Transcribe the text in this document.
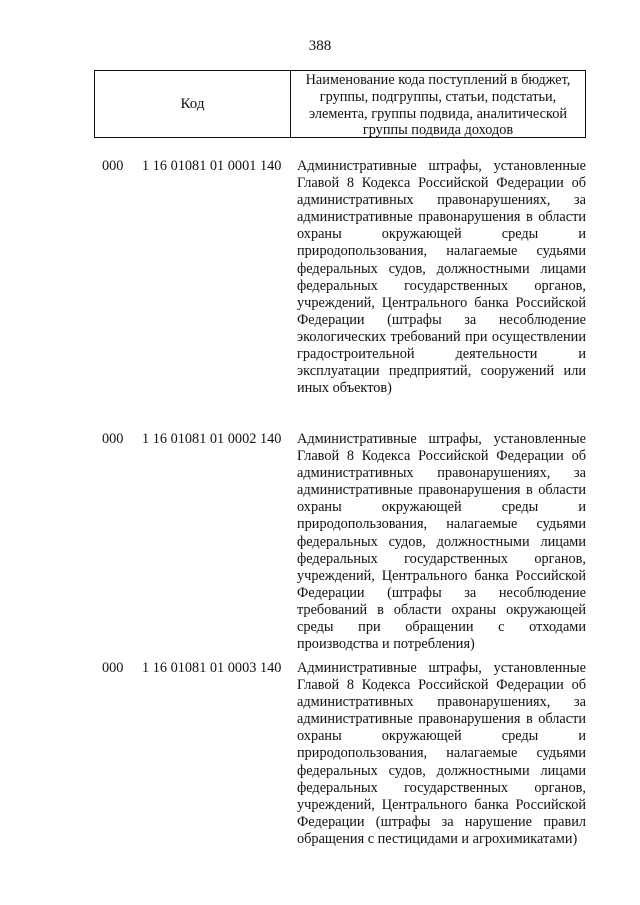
388
Код
Наименование кода поступлений в бюджет,
группы, подгруппы, статьи, подстатьи,
элемента, группы подвида, аналитической
группы подвида доходов
000 1 16 01081 01 0001 140 Административные штрафы, установленные
Главой 8 Кодекса Российской Федерации об
административных правонарушениях, за
административные правонарушения в области
охраны окружающей среды и
природопользования, налагаемые судьями
федеральных судов, должностными лицами
федеральных государственных органов,
учреждений, Центрального банка Российской
Федерации (штрафы за несоблюдение
экологических требований при осуществлении
градостроительной деятельности и
эксплуатации предприятий, сооружений или
иных объектов)
000 1 16 01081 01 0002 140 Административные штрафы, установленные
Главой 8 Кодекса Российской Федерации об
административных правонарушениях, за
административные правонарушения в области
охраны окружающей среды и
природопользования, налагаемые судьями
федеральных судов, должностными лицами
федеральных государственных органов,
учреждений, Центрального банка Российской
Федерации (штрафы за несоблюдение
требований в области охраны окружающей
среды при обращении с отходами
производства и потребления)
000 1 16 01081 01 0003 140 Административные штрафы, установленные
Главой 8 Кодекса Российской Федерации об
административных правонарушениях, за
административные правонарушения в области
охраны окружающей среды и
природопользования, налагаемые судьями
федеральных судов, должностными лицами
федеральных государственных органов,
учреждений, Центрального банка Российской
Федерации (штрафы за нарушение правил
обращения с пестицидами и агрохимикатами)
